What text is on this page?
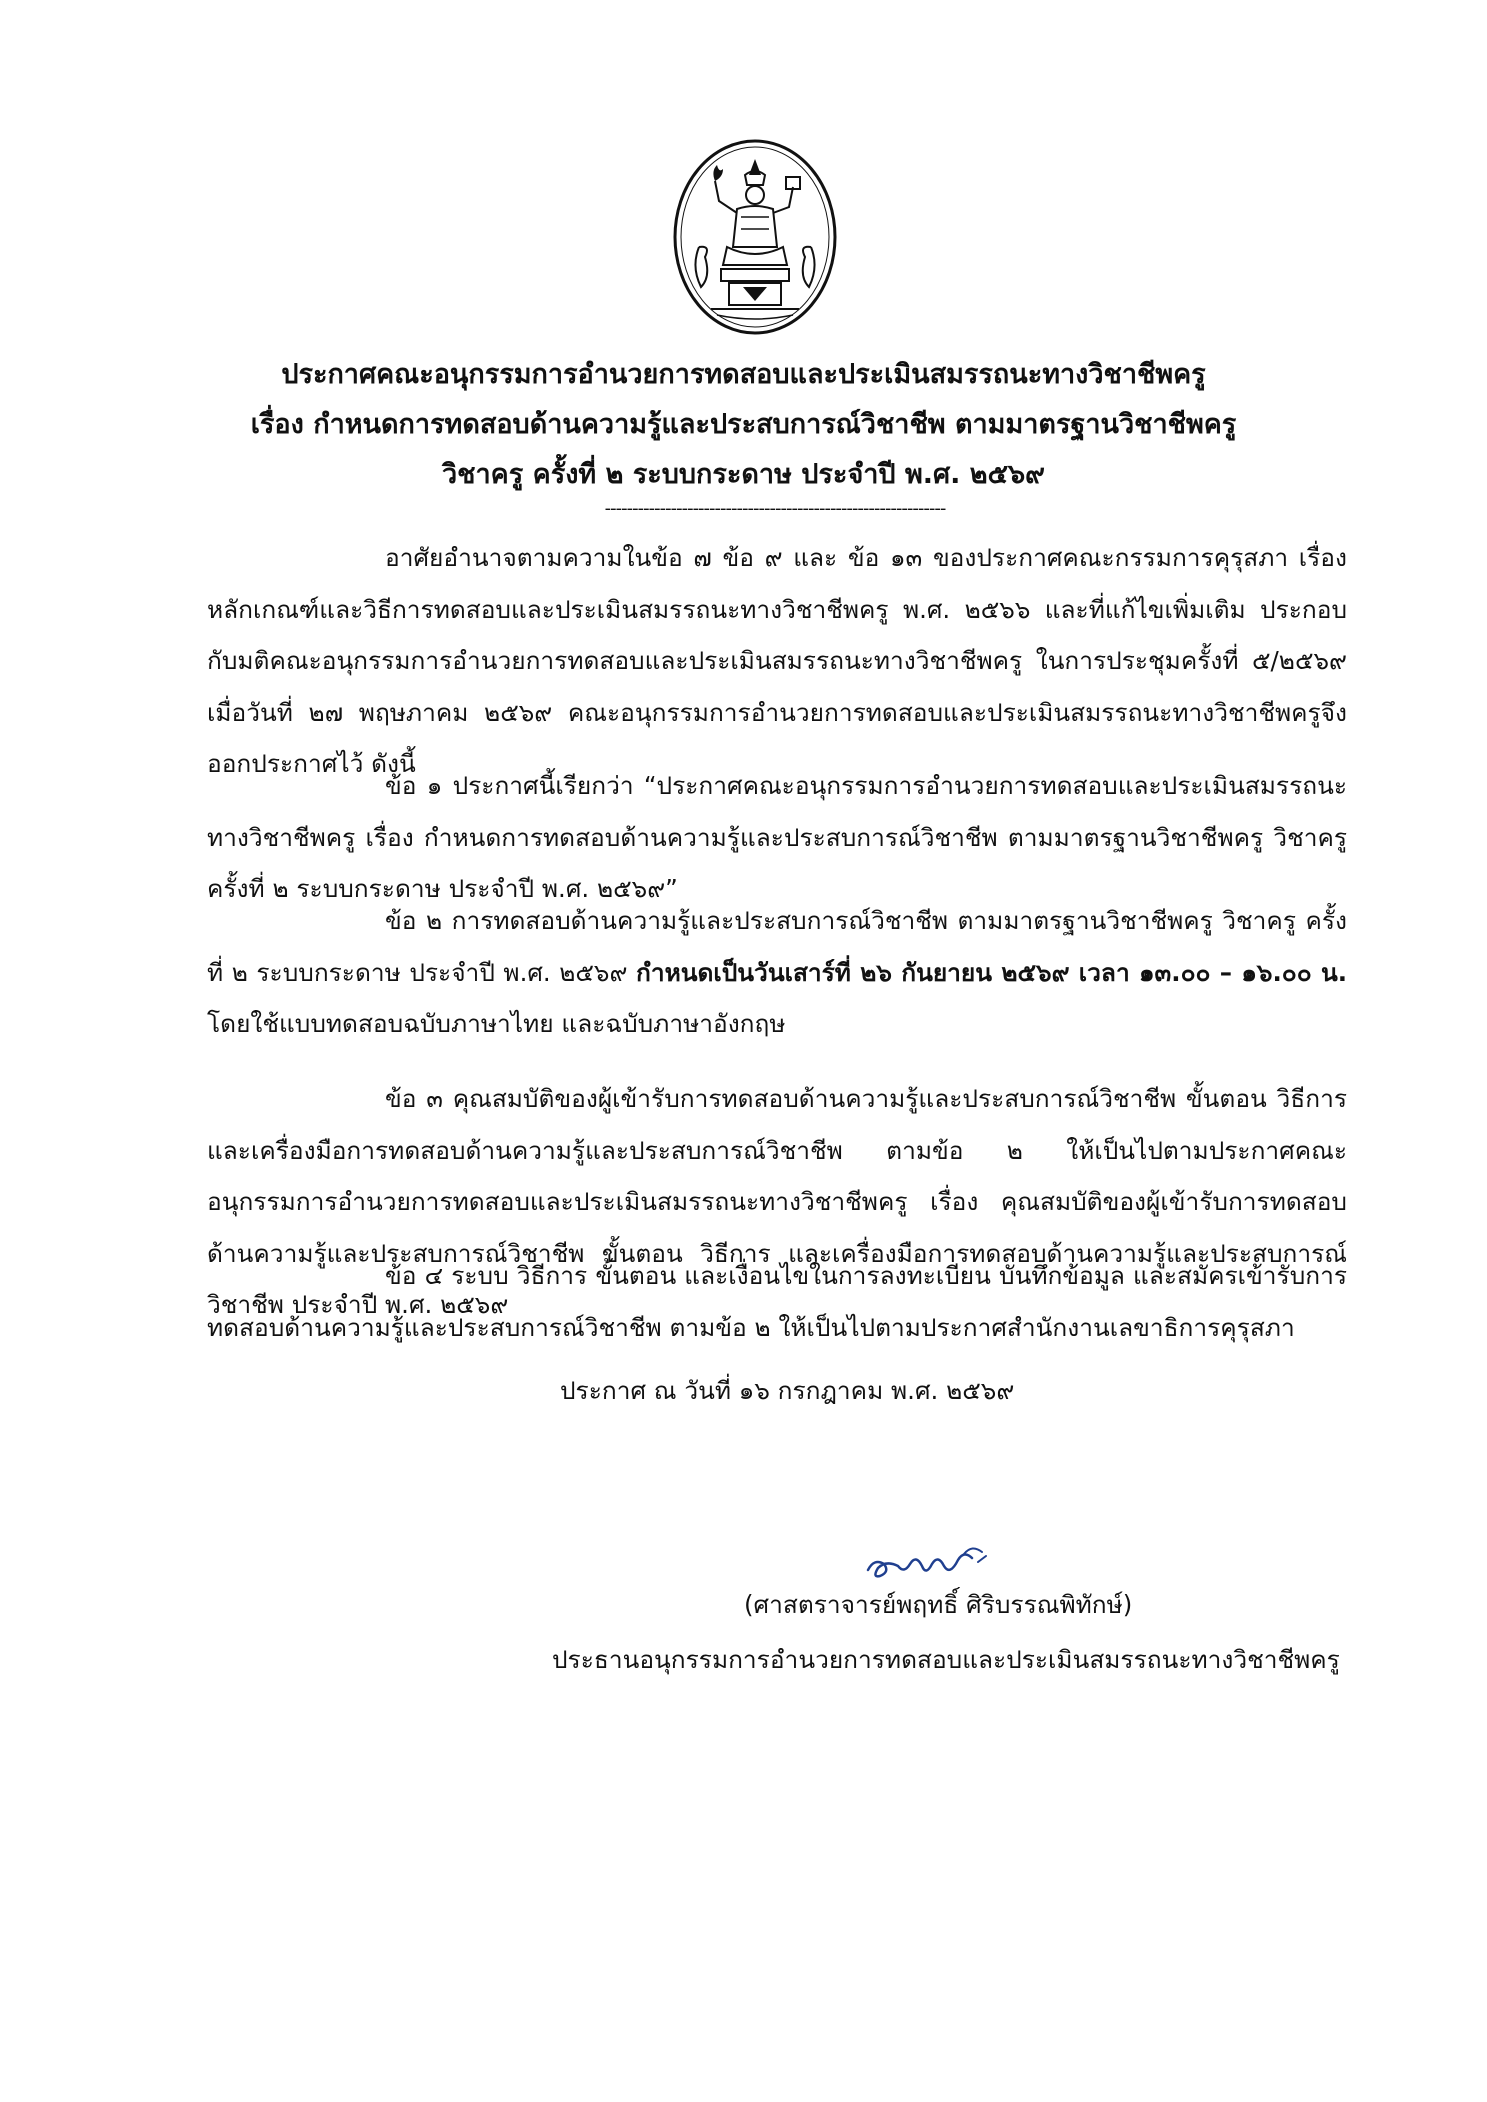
ประกาศคณะอนุกรรมการอำนวยการทดสอบและประเมินสมรรถนะทางวิชาชีพครู
เรื่อง กำหนดการทดสอบด้านความรู้และประสบการณ์วิชาชีพ ตามมาตรฐานวิชาชีพครู
วิชาครู ครั้งที่ ๒ ระบบกระดาษ ประจำปี พ.ศ. ๒๕๖๙
--------------------------------------------------------------
อาศัยอำนาจตามความในข้อ ๗ ข้อ ๙ และ ข้อ ๑๓ ของประกาศคณะกรรมการคุรุสภา เรื่อง หลักเกณฑ์และวิธีการทดสอบและประเมินสมรรถนะทางวิชาชีพครู พ.ศ. ๒๕๖๖ และที่แก้ไขเพิ่มเติม ประกอบกับมติคณะอนุกรรมการอำนวยการทดสอบและประเมินสมรรถนะทางวิชาชีพครู ในการประชุมครั้งที่ ๕/๒๕๖๙ เมื่อวันที่ ๒๗ พฤษภาคม ๒๕๖๙ คณะอนุกรรมการอำนวยการทดสอบและประเมินสมรรถนะทางวิชาชีพครูจึงออกประกาศไว้ ดังนี้
ข้อ ๑ ประกาศนี้เรียกว่า “ประกาศคณะอนุกรรมการอำนวยการทดสอบและประเมินสมรรถนะทางวิชาชีพครู เรื่อง กำหนดการทดสอบด้านความรู้และประสบการณ์วิชาชีพ ตามมาตรฐานวิชาชีพครู วิชาครู ครั้งที่ ๒ ระบบกระดาษ ประจำปี พ.ศ. ๒๕๖๙”
ข้อ ๒ การทดสอบด้านความรู้และประสบการณ์วิชาชีพ ตามมาตรฐานวิชาชีพครู วิชาครู ครั้งที่ ๒ ระบบกระดาษ ประจำปี พ.ศ. ๒๕๖๙ กำหนดเป็นวันเสาร์ที่ ๒๖ กันยายน ๒๕๖๙ เวลา ๑๓.๐๐ – ๑๖.๐๐ น. โดยใช้แบบทดสอบฉบับภาษาไทย และฉบับภาษาอังกฤษ
ข้อ ๓ คุณสมบัติของผู้เข้ารับการทดสอบด้านความรู้และประสบการณ์วิชาชีพ ขั้นตอน วิธีการ และเครื่องมือการทดสอบด้านความรู้และประสบการณ์วิชาชีพ ตามข้อ ๒ ให้เป็นไปตามประกาศคณะอนุกรรมการอำนวยการทดสอบและประเมินสมรรถนะทางวิชาชีพครู เรื่อง คุณสมบัติของผู้เข้ารับการทดสอบด้านความรู้และประสบการณ์วิชาชีพ ขั้นตอน วิธีการ และเครื่องมือการทดสอบด้านความรู้และประสบการณ์วิชาชีพ ประจำปี พ.ศ. ๒๕๖๙
ข้อ ๔ ระบบ วิธีการ ขั้นตอน และเงื่อนไขในการลงทะเบียน บันทึกข้อมูล และสมัครเข้ารับการทดสอบด้านความรู้และประสบการณ์วิชาชีพ ตามข้อ ๒ ให้เป็นไปตามประกาศสำนักงานเลขาธิการคุรุสภา
ประกาศ ณ วันที่ ๑๖ กรกฎาคม พ.ศ. ๒๕๖๙
(ศาสตราจารย์พฤทธิ์ ศิริบรรณพิทักษ์)
ประธานอนุกรรมการอำนวยการทดสอบและประเมินสมรรถนะทางวิชาชีพครู
